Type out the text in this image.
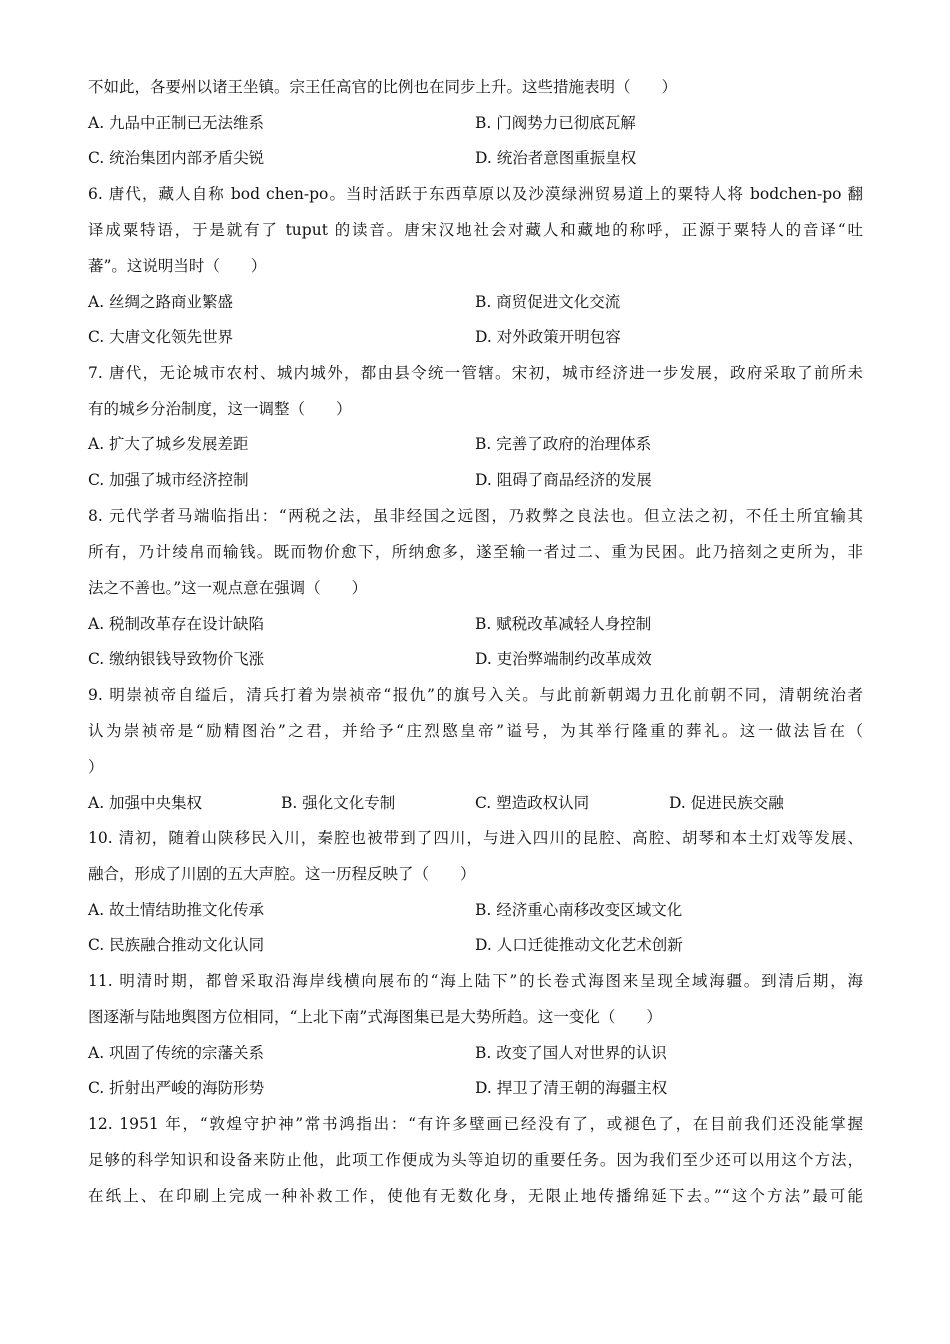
不如此，各要州以诸王坐镇。宗王任高官的比例也在同步上升。这些措施表明（　　）
A. 九品中正制已无法维系	B. 门阀势力已彻底瓦解
C. 统治集团内部矛盾尖锐	D. 统治者意图重振皇权
6. 唐代，藏人自称 bod chen-po。当时活跃于东西草原以及沙漠绿洲贸易道上的粟特人将 bodchen-po 翻
译成粟特语，于是就有了 tuput 的读音。唐宋汉地社会对藏人和藏地的称呼，正源于粟特人的音译“吐
蕃”。这说明当时（　　）
A. 丝绸之路商业繁盛	B. 商贸促进文化交流
C. 大唐文化领先世界	D. 对外政策开明包容
7. 唐代，无论城市农村、城内城外，都由县令统一管辖。宋初，城市经济进一步发展，政府采取了前所未
有的城乡分治制度，这一调整（　　）
A. 扩大了城乡发展差距	B. 完善了政府的治理体系
C. 加强了城市经济控制	D. 阻碍了商品经济的发展
8. 元代学者马端临指出：“两税之法，虽非经国之远图，乃救弊之良法也。但立法之初，不任土所宜输其
所有，乃计绫帛而输钱。既而物价愈下，所纳愈多，遂至输一者过二、重为民困。此乃掊刻之吏所为，非
法之不善也。”这一观点意在强调（　　）
A. 税制改革存在设计缺陷	B. 赋税改革减轻人身控制
C. 缴纳银钱导致物价飞涨	D. 吏治弊端制约改革成效
9. 明崇祯帝自缢后，清兵打着为崇祯帝“报仇”的旗号入关。与此前新朝竭力丑化前朝不同，清朝统治者
认为崇祯帝是“励精图治”之君，并给予“庄烈愍皇帝”谥号，为其举行隆重的葬礼。这一做法旨在（
）
A. 加强中央集权	B. 强化文化专制	C. 塑造政权认同	D. 促进民族交融
10. 清初，随着山陕移民入川，秦腔也被带到了四川，与进入四川的昆腔、高腔、胡琴和本土灯戏等发展、
融合，形成了川剧的五大声腔。这一历程反映了（　　）
A. 故土情结助推文化传承	B. 经济重心南移改变区域文化
C. 民族融合推动文化认同	D. 人口迁徙推动文化艺术创新
11. 明清时期，都曾采取沿海岸线横向展布的“海上陆下”的长卷式海图来呈现全域海疆。到清后期，海
图逐渐与陆地舆图方位相同，“上北下南”式海图集已是大势所趋。这一变化（　　）
A. 巩固了传统的宗藩关系	B. 改变了国人对世界的认识
C. 折射出严峻的海防形势	D. 捍卫了清王朝的海疆主权
12. 1951 年，“敦煌守护神”常书鸿指出：“有许多壁画已经没有了，或褪色了，在目前我们还没能掌握
足够的科学知识和设备来防止他，此项工作便成为头等迫切的重要任务。因为我们至少还可以用这个方法，
在纸上、在印刷上完成一种补救工作，使他有无数化身，无限止地传播绵延下去。”“这个方法”最可能
